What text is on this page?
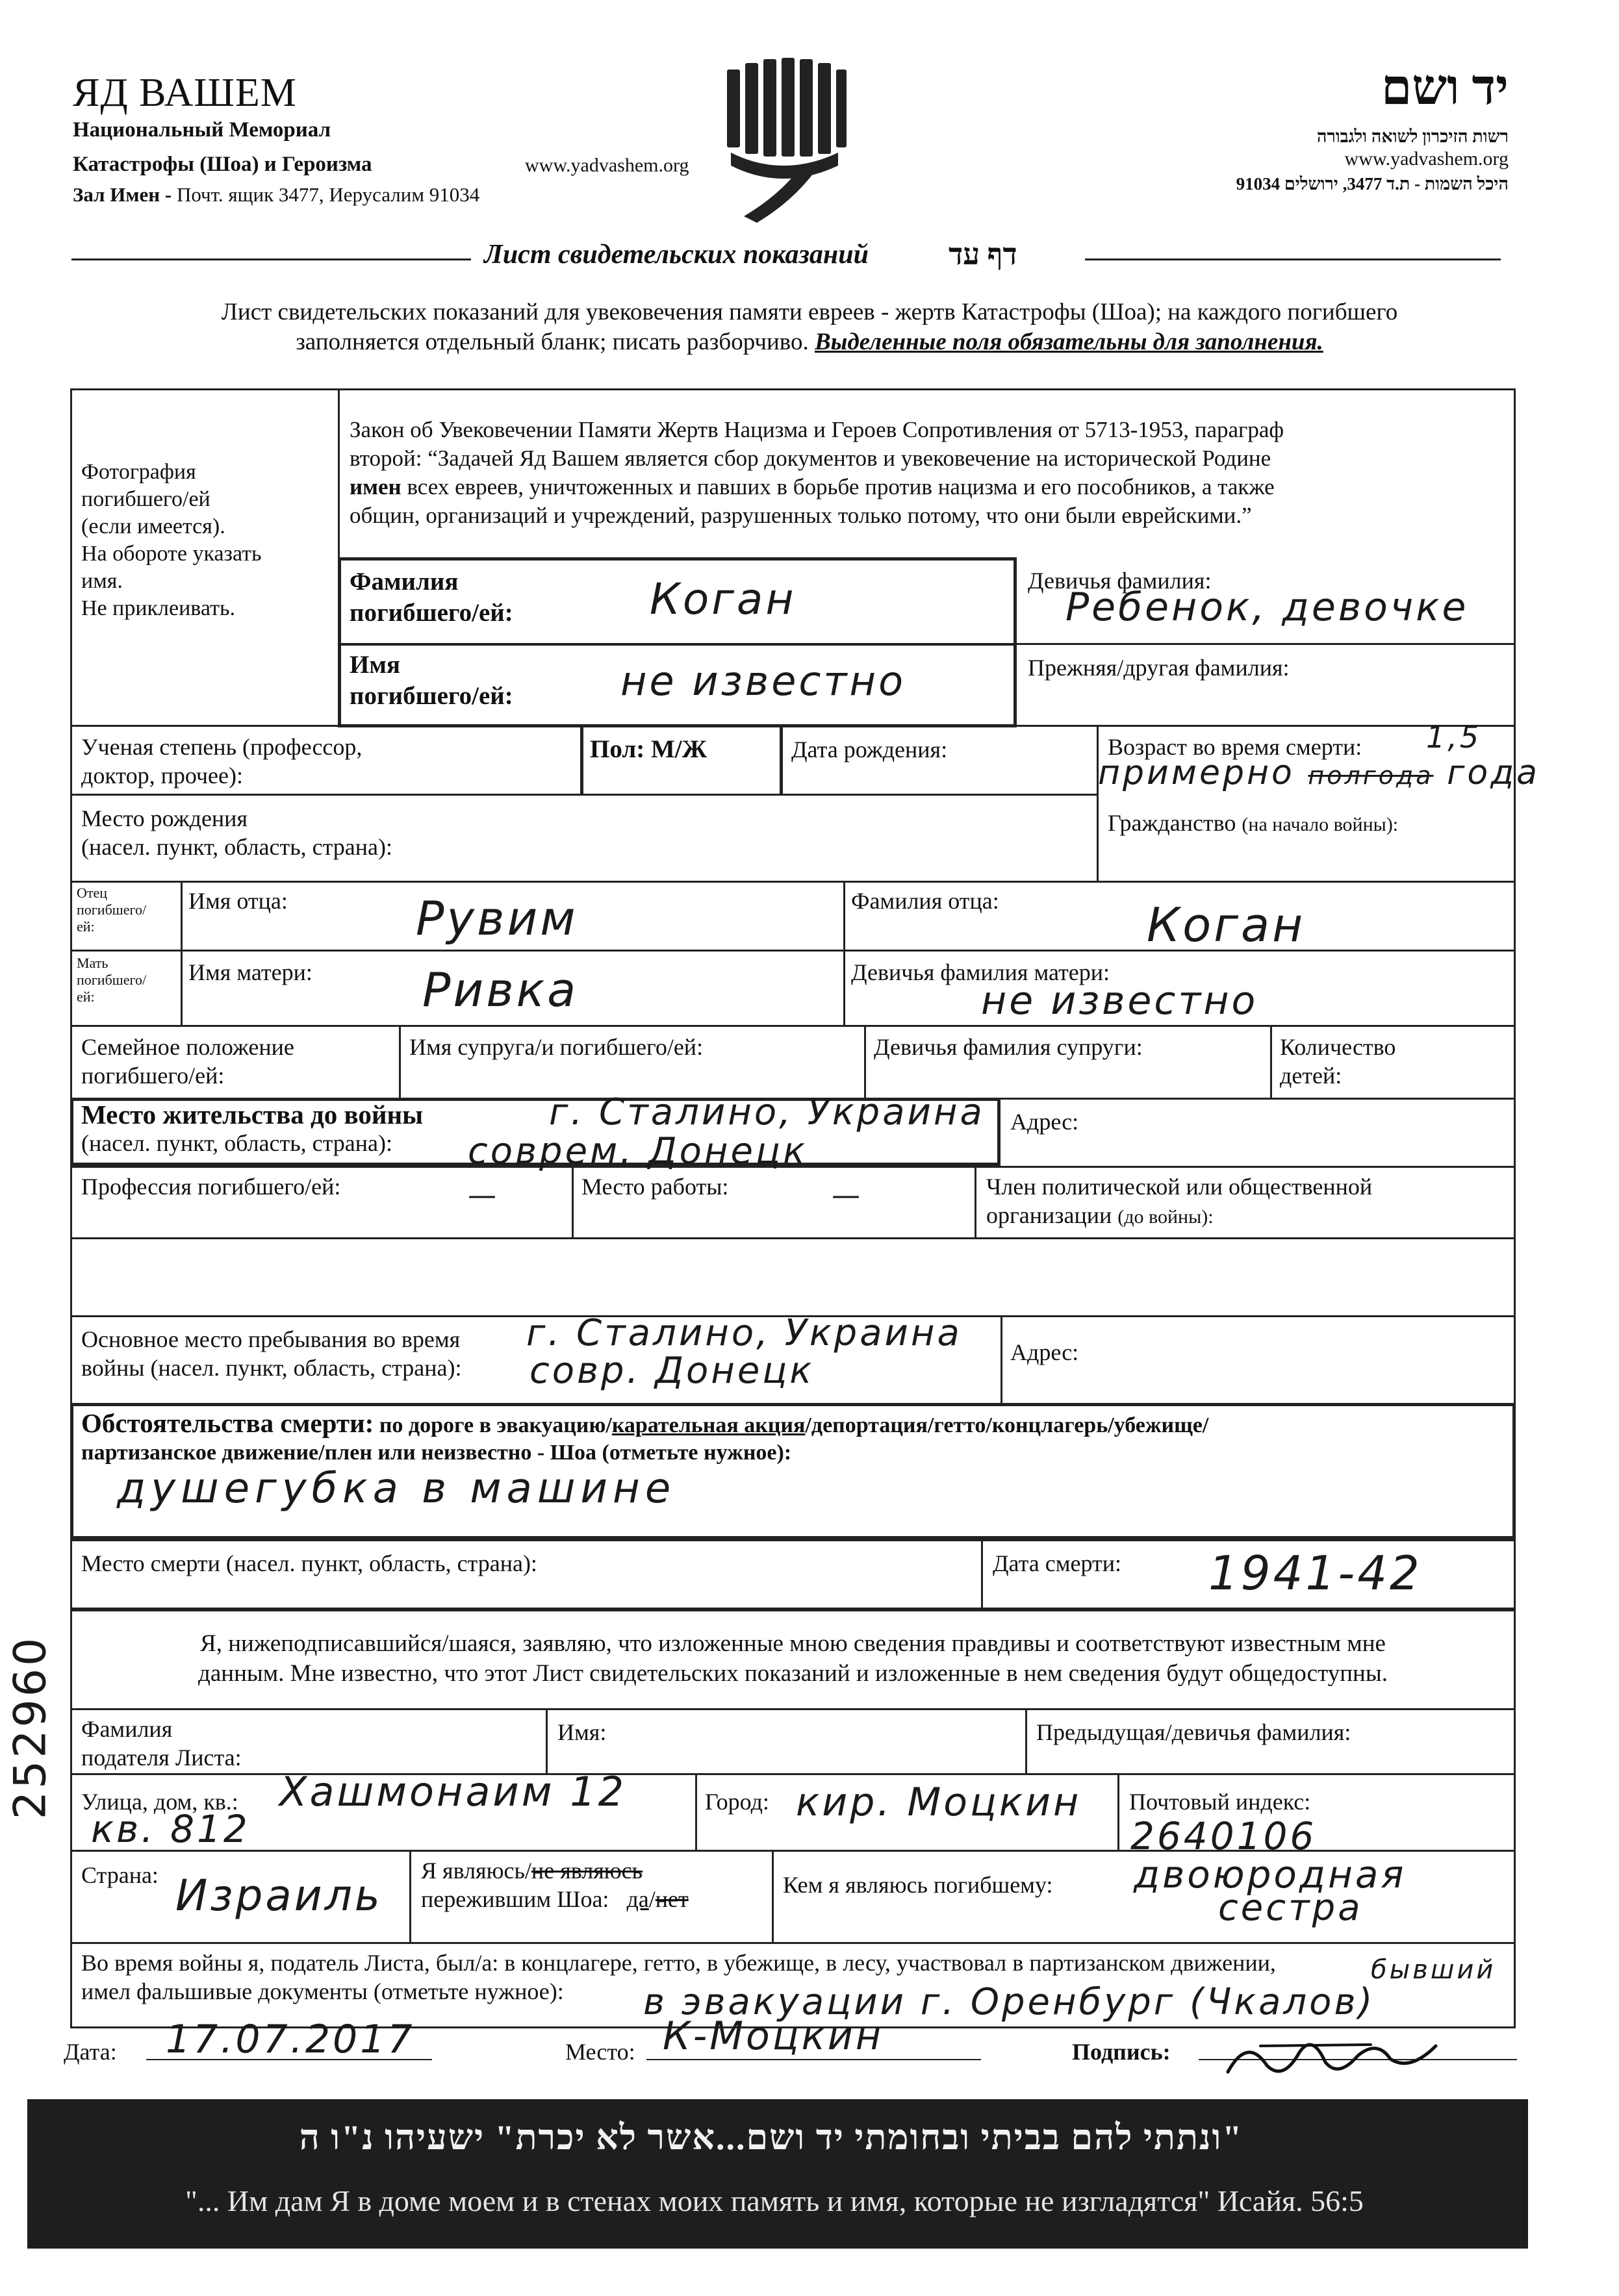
ЯД ВАШЕМ
Национальный Мемориал
Катастрофы (Шоа) и Героизма	www.yadvashem.org
Зал Имен - Почт. ящик 3477, Иерусалим 91034
יד ושם
רשות הזיכרון לשואה ולגבורה
www.yadvashem.org
היכל השמות - ת.ד 3477, ירושלים 91034
Лист свидетельских показаний	דף עד
Лист свидетельских показаний для увековечения памяти евреев - жертв Катастрофы (Шоа); на каждого погибшего
заполняется отдельный бланк; писать разборчиво. Выделенные поля обязательны для заполнения.
Фотография
погибшего/ей
(если имеется).
На обороте указать
имя.
Не приклеивать.
Закон об Увековечении Памяти Жертв Нацизма и Героев Сопротивления от 5713-1953, параграф
второй: “Задачей Яд Вашем является сбор документов и увековечение на исторической Родине
имен всех евреев, уничтоженных и павших в борьбе против нацизма и его пособников, а также
общин, организаций и учреждений, разрушенных только потому, что они были еврейскими.”
Фамилия
погибшего/ей:	Коган
Имя
погибшего/ей:	не известно
Девичья фамилия:
Ребенок, девочке
Прежняя/другая фамилия:
Ученая степень (профессор,
доктор, прочее):
Пол: М/Ж	Дата рождения:	Возраст во время смерти: 1,5
примерно полгода года
Место рождения
(насел. пункт, область, страна):
Гражданство (на начало войны):
Отец
погибшего/
ей:
Имя отца:	Рувим	Фамилия отца:	Коган
Мать
погибшего/
ей:
Имя матери: Ривка	Девичья фамилия матери:
не известно
Семейное положение
погибшего/ей:
Имя супруга/и погибшего/ей:	Девичья фамилия супруги:	Количество
детей:
Место жительства до войны
(насел. пункт, область, страна):
г. Сталино, Украина
соврем. Донецк
Адрес:
Профессия погибшего/ей:	—	Место работы:	—	Член политической или общественной
организации (до войны):
Основное место пребывания во время
войны (насел. пункт, область, страна):
г. Сталино, Украина
совр. Донецк	Адрес:
Обстоятельства смерти: по дороге в эвакуацию/карательная акция/депортация/гетто/концлагерь/убежище/
партизанское движение/плен или неизвестно - Шоа (отметьте нужное):
душегубка в машине
Место смерти (насел. пункт, область, страна):	Дата смерти: 1941-42
Я, нижеподписавшийся/шаяся, заявляю, что изложенные мною сведения правдивы и соответствуют известным мне
данным. Мне известно, что этот Лист свидетельских показаний и изложенные в нем сведения будут общедоступны.
Фамилия
подателя Листа:
Имя:	Предыдущая/девичья фамилия:
Улица, дом, кв.: Хашмонаим 12
кв. 812
Город: кир. Моцкин Почтовый индекс:
2640106
Страна: Израиль Я являюсь/не являюсь
пережившим Шоа: да/нет
Кем я являюсь погибшему: двоюродная
сестра
Во время войны я, податель Листа, был/а: в концлагере, гетто, в убежище, в лесу, участвовал в партизанском движении,
имел фальшивые документы (отметьте нужное):	в эвакуации г. Оренбург (Чкалов)
бывший
Дата: 17.07.2017	Место: К-Моцкин	Подпись:
252960
"ונתתי להם בביתי ובחומתי יד ושם...אשר לא יכרת" ישעיהו נ"ו ה
"... Им дам Я в доме моем и в стенах моих память и имя, которые не изгладятся" Исайя. 56:5
